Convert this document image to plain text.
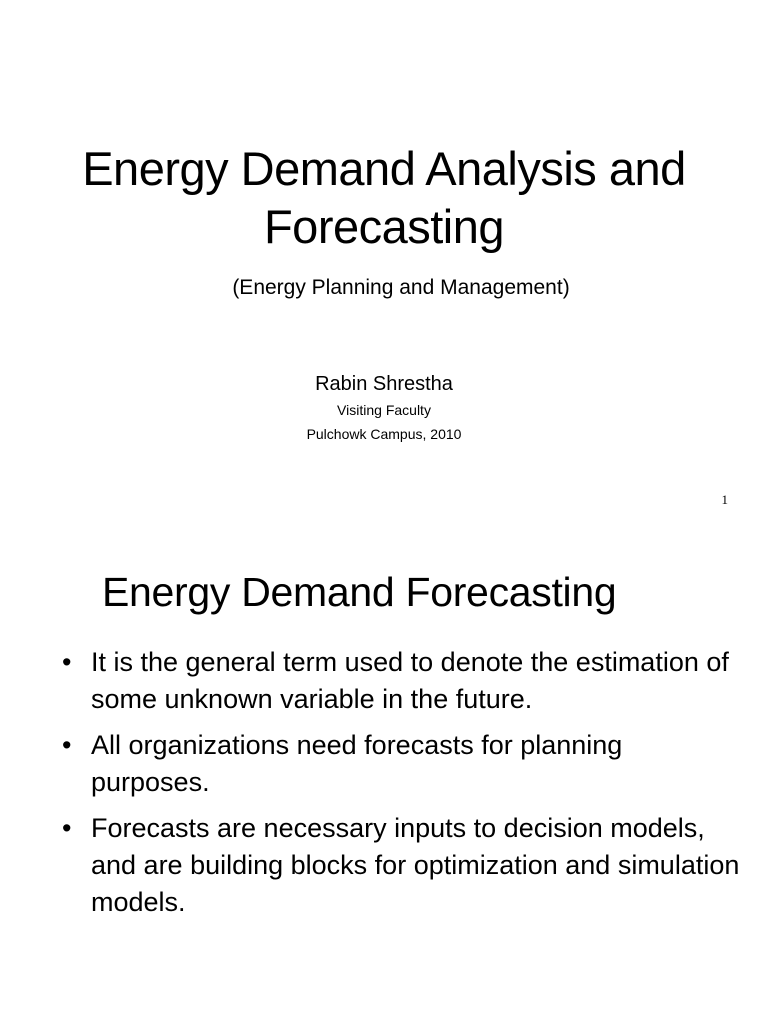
Energy Demand Analysis and
Forecasting
(Energy Planning and Management)
Rabin Shrestha
Visiting Faculty
Pulchowk Campus, 2010
1
Energy Demand Forecasting
• It is the general term used to denote the estimation of some unknown variable in the future.
• All organizations need forecasts for planning purposes.
• Forecasts are necessary inputs to decision models, and are building blocks for optimization and simulation models.
